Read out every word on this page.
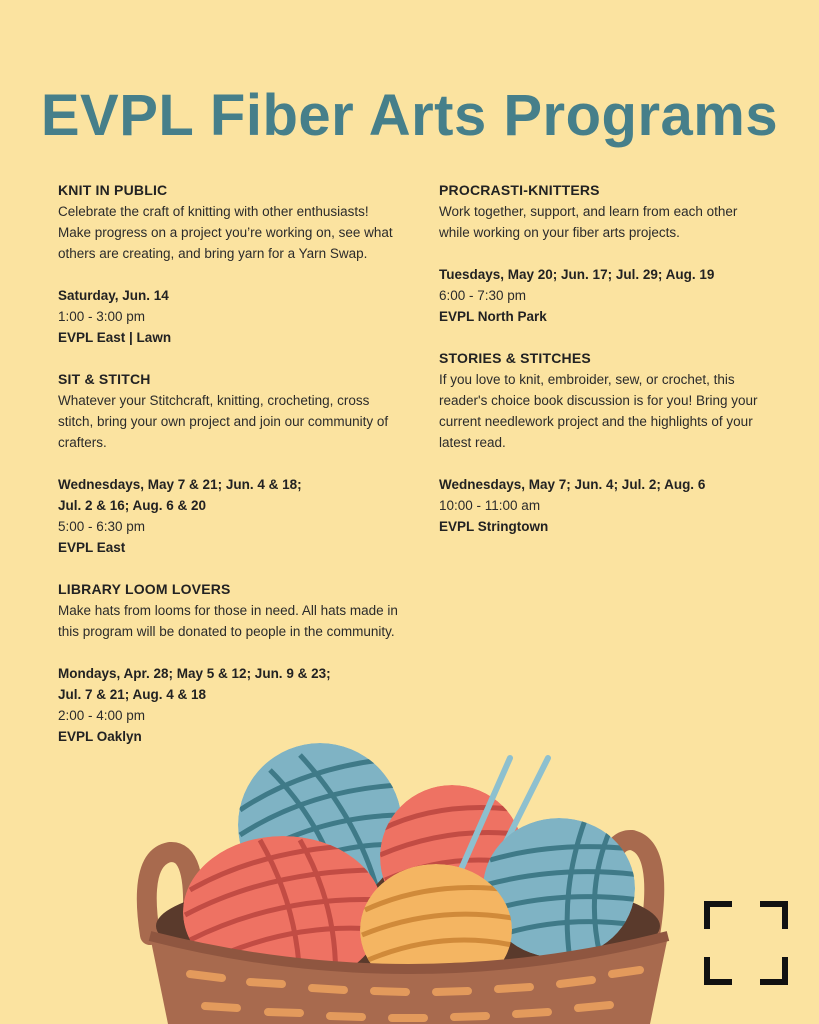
EVPL Fiber Arts Programs
KNIT IN PUBLIC

Celebrate the craft of knitting with other enthusiasts! Make progress on a project you’re working on, see what others are creating, and bring yarn for a Yarn Swap.

Saturday, Jun. 14
1:00 - 3:00 pm
EVPL East | Lawn
SIT & STITCH

Whatever your Stitchcraft, knitting, crocheting, cross stitch, bring your own project and join our community of crafters.

Wednesdays, May 7 & 21; Jun. 4 & 18;
Jul. 2 & 16; Aug. 6 & 20
5:00 - 6:30 pm
EVPL East
LIBRARY LOOM LOVERS

Make hats from looms for those in need. All hats made in this program will be donated to people in the community.

Mondays, Apr. 28; May 5 & 12; Jun. 9 & 23;
Jul. 7 & 21; Aug. 4 & 18
2:00 - 4:00 pm
EVPL Oaklyn
PROCRASTI-KNITTERS

Work together, support, and learn from each other while working on your fiber arts projects.

Tuesdays, May 20; Jun. 17; Jul. 29; Aug. 19
6:00 - 7:30 pm
EVPL North Park
STORIES & STITCHES

If you love to knit, embroider, sew, or crochet, this reader's choice book discussion is for you! Bring your current needlework project and the highlights of your latest read.

Wednesdays, May 7; Jun. 4; Jul. 2; Aug. 6
10:00 - 11:00 am
EVPL Stringtown
